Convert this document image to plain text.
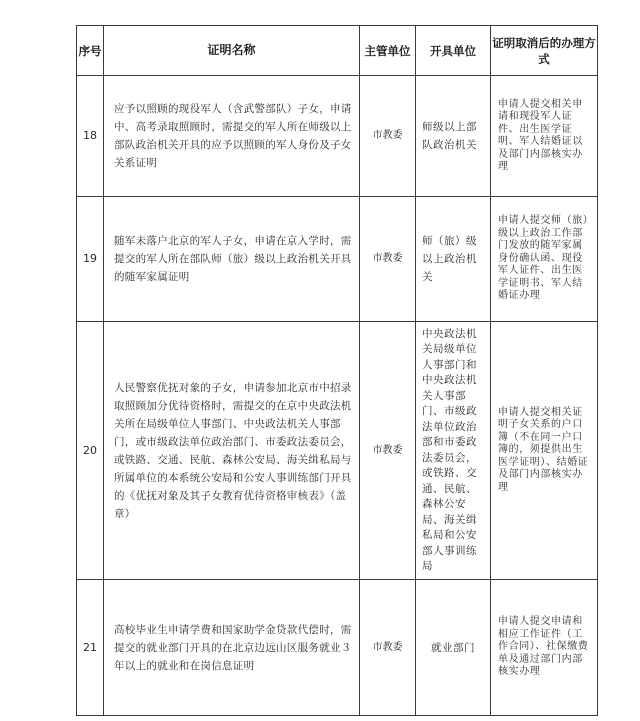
序号	证明名称	主管单位	开具单位	证明取消后的办理方式
18	应予以照顾的现役军人（含武警部队）子女，申请中、高考录取照顾时，需提交的军人所在师级以上部队政治机关开具的应予以照顾的军人身份及子女关系证明	市教委	师级以上部队政治机关	申请人提交相关申请和现役军人证件、出生医学证明、军人结婚证以及部门内部核实办理
19	随军未落户北京的军人子女，申请在京入学时，需提交的军人所在部队师（旅）级以上政治机关开具的随军家属证明	市教委	师（旅）级以上政治机关	申请人提交师（旅）级以上政治工作部门发放的随军家属身份确认函、现役军人证件、出生医学证明书、军人结婚证办理
20	人民警察优抚对象的子女，申请参加北京市中招录取照顾加分优待资格时，需提交的在京中央政法机关所在局级单位人事部门、中央政法机关人事部门，或市级政法单位政治部门、市委政法委员会，或铁路、交通、民航、森林公安局、海关缉私局与所属单位的本系统公安局和公安人事训练部门开具的《优抚对象及其子女教育优待资格审核表》（盖章）	市教委	中央政法机关局级单位人事部门和中央政法机关人事部门、市级政法单位政治部和市委政法委员会，或铁路、交通、民航、森林公安局、海关缉私局和公安部人事训练局	申请人提交相关证明子女关系的户口簿（不在同一户口簿的，须提供出生医学证明）、结婚证及部门内部核实办理
21	高校毕业生申请学费和国家助学金贷款代偿时，需提交的就业部门开具的在北京边远山区服务就业３年以上的就业和在岗信息证明	市教委	就业部门	申请人提交申请和相应工作证件（工作合同）、社保缴费单及通过部门内部核实办理
